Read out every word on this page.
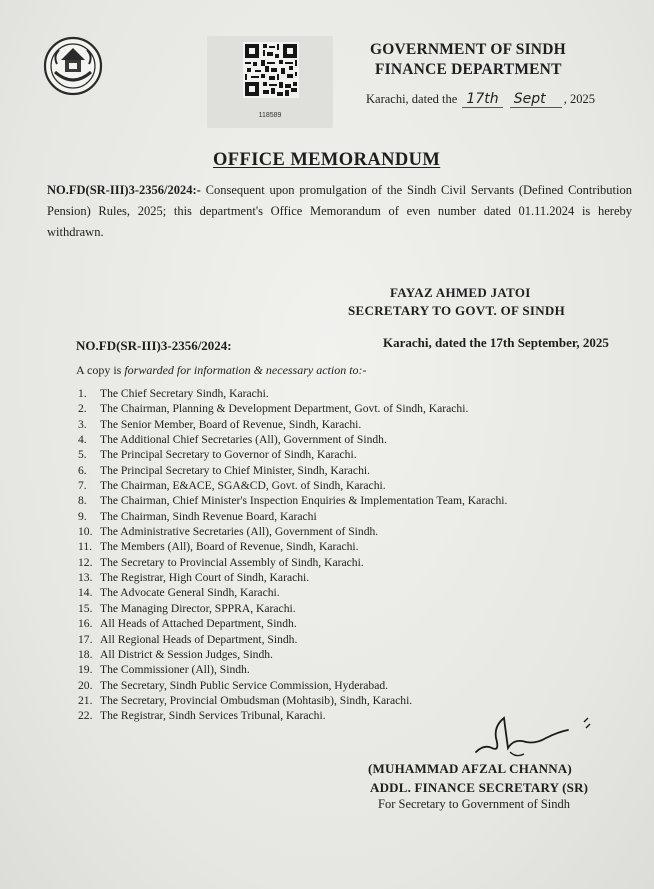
118589
GOVERNMENT OF SINDH
FINANCE DEPARTMENT
Karachi, dated the 17th Sept , 2025
OFFICE MEMORANDUM
NO.FD(SR-III)3-2356/2024:- Consequent upon promulgation of the Sindh Civil Servants (Defined Contribution Pension) Rules, 2025; this department's Office Memorandum of even number dated 01.11.2024 is hereby withdrawn.
FAYAZ AHMED JATOI
SECRETARY TO GOVT. OF SINDH
NO.FD(SR-III)3-2356/2024:	Karachi, dated the 17th September, 2025
A copy is forwarded for information & necessary action to:-
1. The Chief Secretary Sindh, Karachi.
2. The Chairman, Planning & Development Department, Govt. of Sindh, Karachi.
3. The Senior Member, Board of Revenue, Sindh, Karachi.
4. The Additional Chief Secretaries (All), Government of Sindh.
5. The Principal Secretary to Governor of Sindh, Karachi.
6. The Principal Secretary to Chief Minister, Sindh, Karachi.
7. The Chairman, E&ACE, SGA&CD, Govt. of Sindh, Karachi.
8. The Chairman, Chief Minister's Inspection Enquiries & Implementation Team, Karachi.
9. The Chairman, Sindh Revenue Board, Karachi
10. The Administrative Secretaries (All), Government of Sindh.
11. The Members (All), Board of Revenue, Sindh, Karachi.
12. The Secretary to Provincial Assembly of Sindh, Karachi.
13. The Registrar, High Court of Sindh, Karachi.
14. The Advocate General Sindh, Karachi.
15. The Managing Director, SPPRA, Karachi.
16. All Heads of Attached Department, Sindh.
17. All Regional Heads of Department, Sindh.
18. All District & Session Judges, Sindh.
19. The Commissioner (All), Sindh.
20. The Secretary, Sindh Public Service Commission, Hyderabad.
21. The Secretary, Provincial Ombudsman (Mohtasib), Sindh, Karachi.
22. The Registrar, Sindh Services Tribunal, Karachi.
(MUHAMMAD AFZAL CHANNA)
ADDL. FINANCE SECRETARY (SR)
For Secretary to Government of Sindh
